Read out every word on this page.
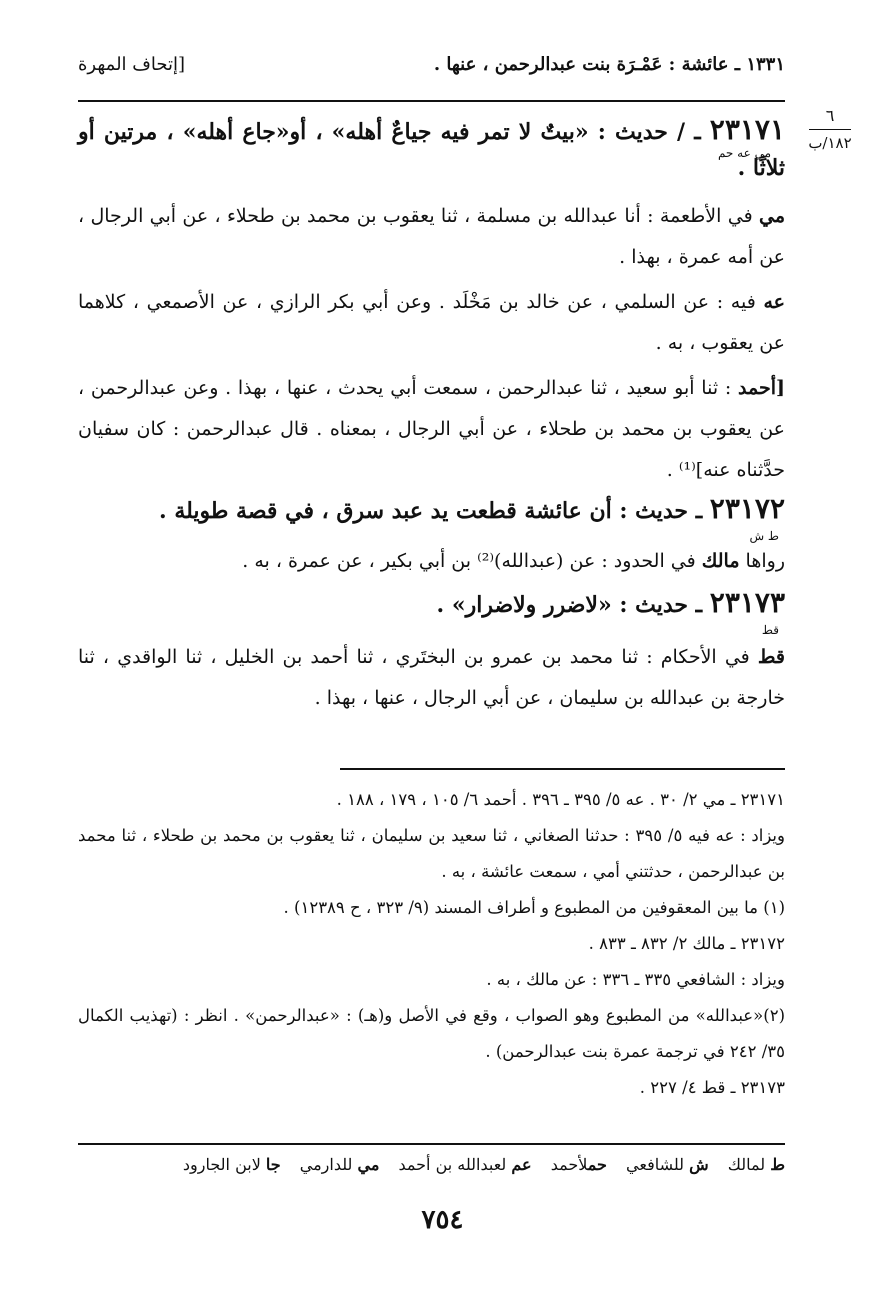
١٣٣١ ـ عائشة : عَمْـرَة بنت عبدالرحمن ، عنها .
[إتحاف المهرة
٦
١٨٢/ب

٢٣١٧١ ـ / حديث : «بيتٌ لا تمر فيه جياعٌ أهله» ، أو«جاع أهله» ، مرتين أو ثلاثًا .

مي عه حم

مي في الأطعمة : أنا عبدالله بن مسلمة ، ثنا يعقوب بن محمد بن طحلاء ، عن أبي الرجال ، عن أمه عمرة ، بهذا .

عه فيه : عن السلمي ، عن خالد بن مَخْلَد . وعن أبي بكر الرازي ، عن الأصمعي ، كلاهما عن يعقوب ، به .

[أحمد : ثنا أبو سعيد ، ثنا عبدالرحمن ، سمعت أبي يحدث ، عنها ، بهذا . وعن عبدالرحمن ، عن يعقوب بن محمد بن طحلاء ، عن أبي الرجال ، بمعناه . قال عبدالرحمن : كان سفيان حدَّثناه عنه]⁽¹⁾ .

٢٣١٧٢ ـ حديث : أن عائشة قطعت يد عبد سرق ، في قصة طويلة .

ط ش

رواها مالك في الحدود : عن (عبدالله)⁽²⁾ بن أبي بكير ، عن عمرة ، به .

٢٣١٧٣ ـ حديث : «لاضرر ولاضرار» .

قط

قط في الأحكام : ثنا محمد بن عمرو بن البختَري ، ثنا أحمد بن الخليل ، ثنا الواقدي ، ثنا خارجة بن عبدالله بن سليمان ، عن أبي الرجال ، عنها ، بهذا .

٢٣١٧١ ـ مي ٢/ ٣٠ . عه ٥/ ٣٩٥ ـ ٣٩٦ . أحمد ٦/ ١٠٥ ، ١٧٩ ، ١٨٨ .

ويزاد : عه فيه ٥/ ٣٩٥ : حدثنا الصغاني ، ثنا سعيد بن سليمان ، ثنا يعقوب بن محمد بن طحلاء ، ثنا محمد بن عبدالرحمن ، حدثتني أمي ، سمعت عائشة ، به .

(١) ما بين المعقوفين من المطبوع و أطراف المسند (٩/ ٣٢٣ ، ح ١٢٣٨٩) .

٢٣١٧٢ ـ مالك ٢/ ٨٣٢ ـ ٨٣٣ .

ويزاد : الشافعي ٣٣٥ ـ ٣٣٦ : عن مالك ، به .

(٢)«عبدالله» من المطبوع وهو الصواب ، وقع في الأصل و(هـ) : «عبدالرحمن» . انظر : (تهذيب الكمال ٣٥/ ٢٤٢ في ترجمة عمرة بنت عبدالرحمن) .

٢٣١٧٣ ـ قط ٤/ ٢٢٧ .

ط لمالك ش للشافعي حملأحمد عم لعبدالله بن أحمد مي للدارمي جا لابن الجارود
٧٥٤
